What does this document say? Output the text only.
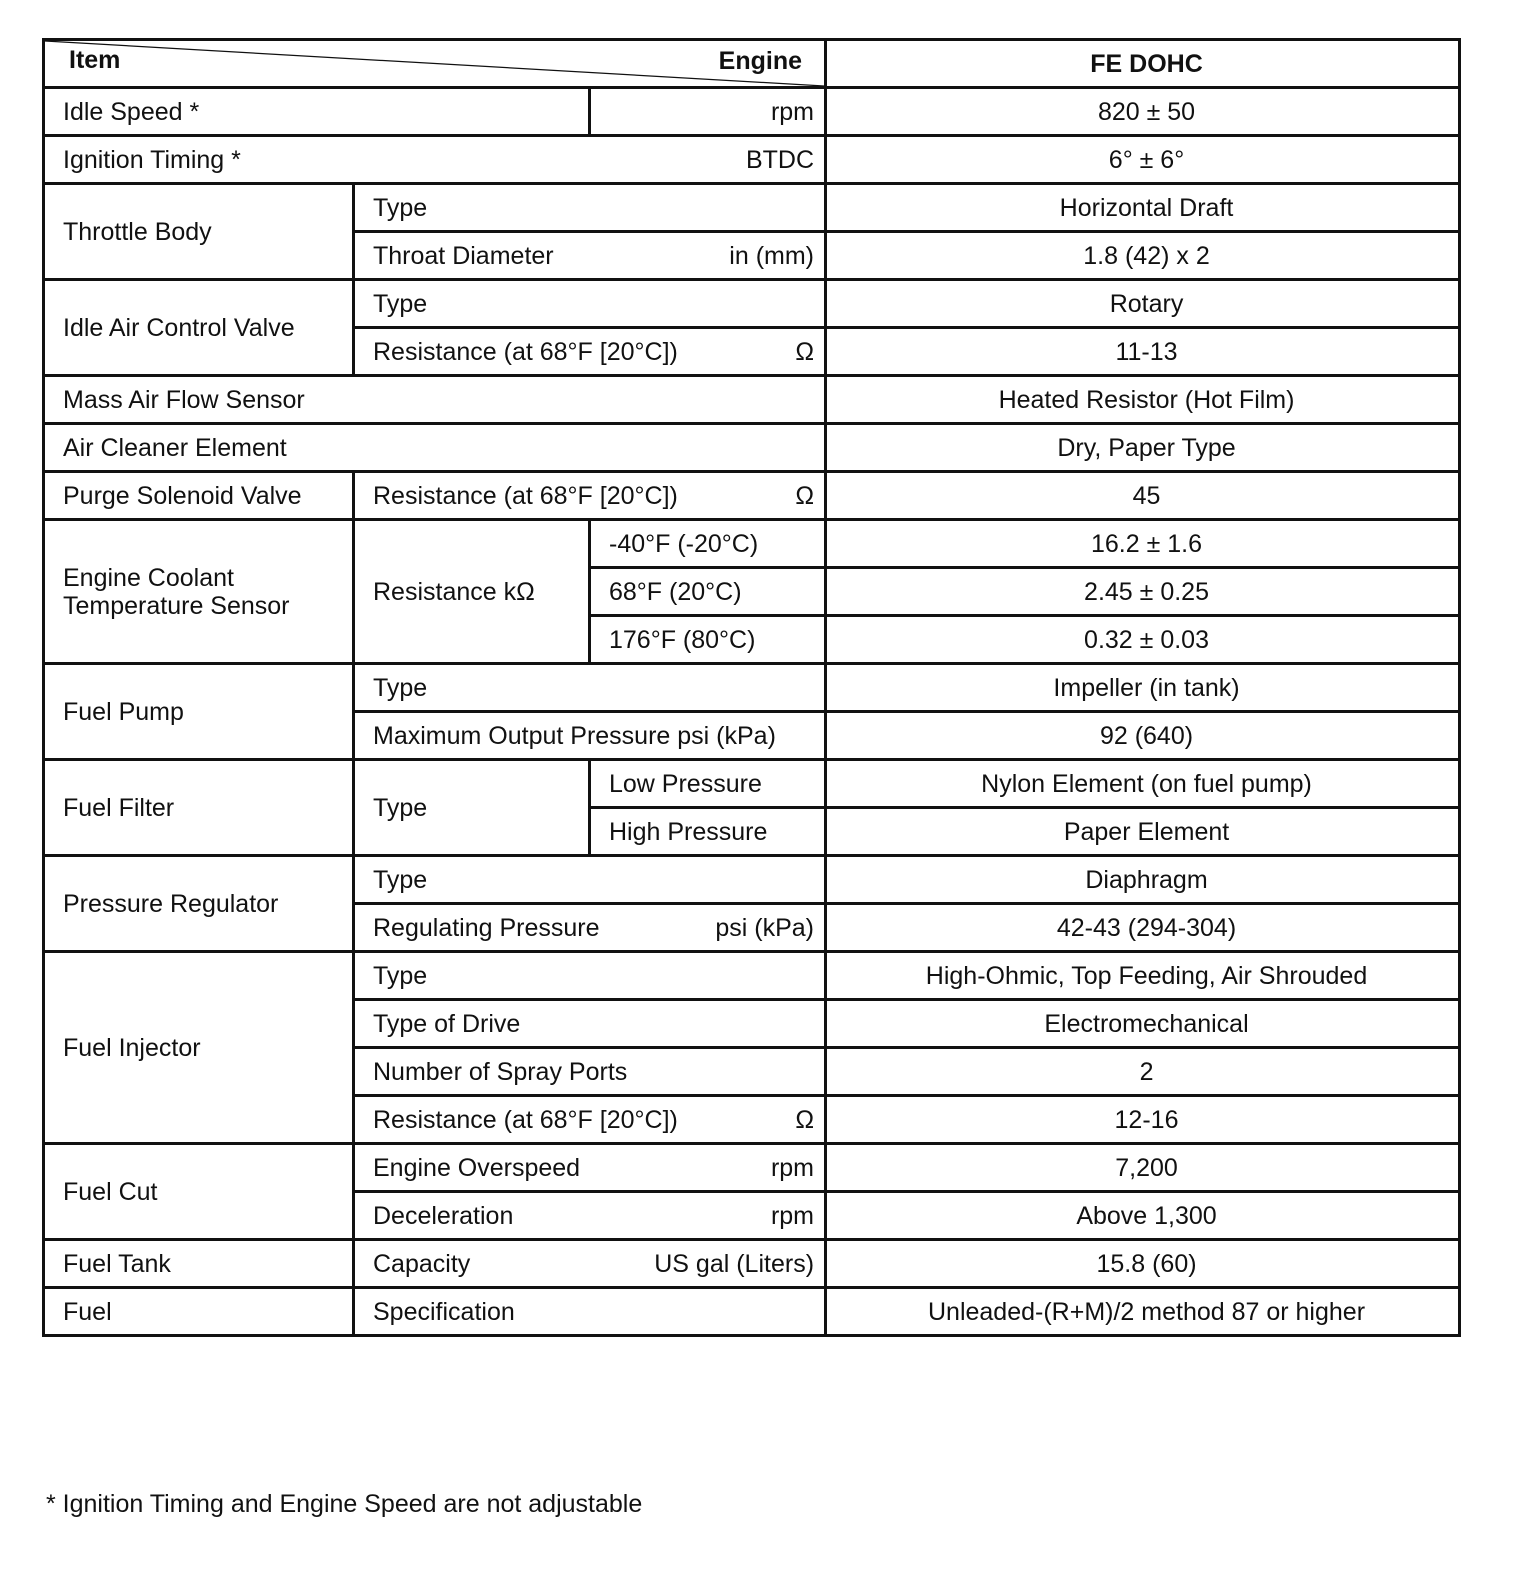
Engine
Item			FE DOHC
Idle Speed *		rpm	820 ± 50

Ignition Timing * BTDC			6° ± 6°
Throttle Body	Type		Horizontal Draft

	Throat Diameter in (mm)		1.8 (42) x 2
Idle Air Control Valve	Type		Rotary

	Resistance (at 68°F [20°C]) Ω		11-13
Mass Air Flow Sensor			Heated Resistor (Hot Film)
Air Cleaner Element			Dry, Paper Type
Purge Solenoid Valve	Resistance (at 68°F [20°C]) Ω		45

Engine Coolant
Temperature Sensor	Resistance kΩ	-40°F (-20°C)	16.2 ± 1.6
		68°F (20°C)	2.45 ± 0.25
		176°F (80°C)	0.32 ± 0.03
Fuel Pump	Type		Impeller (in tank)
	Maximum Output Pressure psi (kPa)		92 (640)
Fuel Filter	Type	Low Pressure	Nylon Element (on fuel pump)
		High Pressure	Paper Element
Pressure Regulator	Type		Diaphragm

	Regulating Pressure psi (kPa)		42-43 (294-304)
Fuel Injector	Type		High-Ohmic, Top Feeding, Air Shrouded
	Type of Drive		Electromechanical
	Number of Spray Ports		2

	Resistance (at 68°F [20°C]) Ω		12-16
Fuel Cut	Engine Overspeed rpm		7,200

	Deceleration rpm		Above 1,300
Fuel Tank	Capacity US gal (Liters)		15.8 (60)
Fuel	Specification		Unleaded-(R+M)/2 method 87 or higher
* Ignition Timing and Engine Speed are not adjustable
